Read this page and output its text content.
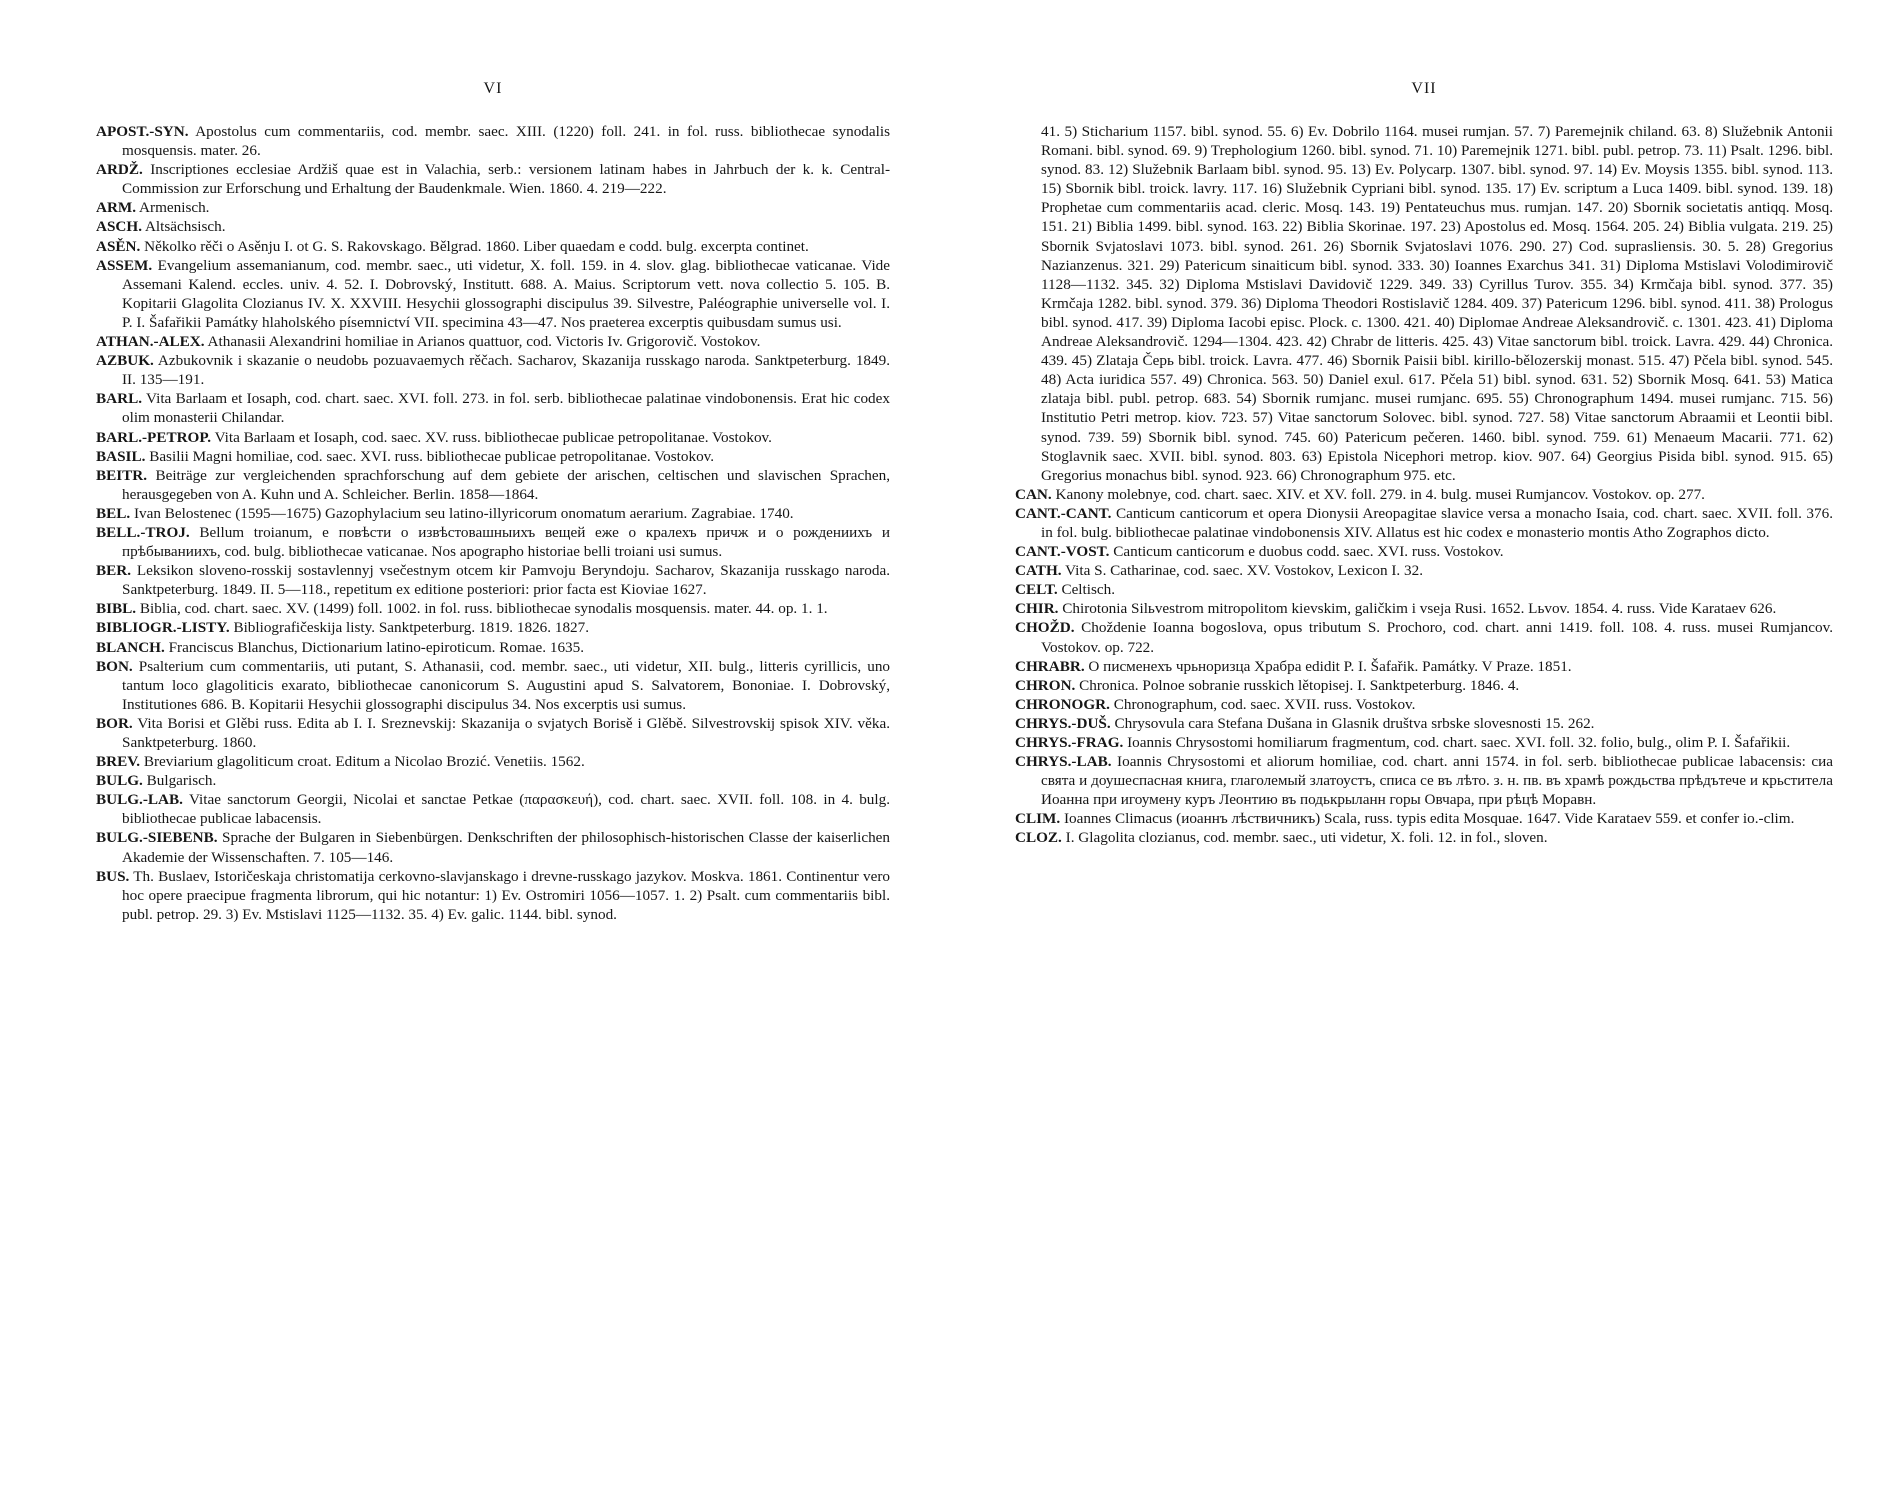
VI

APOST.-SYN. Apostolus cum commentariis, cod. membr. saec. XIII. (1220) foll. 241. in fol. russ. bibliothecae synodalis mosquensis. mater. 26.

ARDŽ. Inscriptiones ecclesiae Ardžiš quae est in Valachia, serb.: versionem latinam habes in Jahrbuch der k. k. Central-Commission zur Erforschung und Erhaltung der Baudenkmale. Wien. 1860. 4. 219—222.

ARM. Armenisch.

ASCH. Altsächsisch.

ASĚN. Několko rěči o Asěnju I. ot G. S. Rakovskago. Bělgrad. 1860. Liber quaedam e codd. bulg. excerpta continet.

ASSEM. Evangelium assemanianum, cod. membr. saec., uti videtur, X. foll. 159. in 4. slov. glag. bibliothecae vaticanae. Vide Assemani Kalend. eccles. univ. 4. 52. I. Dobrovský, Institutt. 688. A. Maius. Scriptorum vett. nova collectio 5. 105. B. Kopitarii Glagolita Clozianus IV. X. XXVIII. Hesychii glossographi discipulus 39. Silvestre, Paléographie universelle vol. I. P. I. Šafařikii Památky hlaholského písemnictví VII. specimina 43—47. Nos praeterea excerptis quibusdam sumus usi.

ATHAN.-ALEX. Athanasii Alexandrini homiliae in Arianos quattuor, cod. Victoris Iv. Grigorovič. Vostokov.

AZBUK. Azbukovnik i skazanie o neudobь pozuavaemych rěčach. Sacharov, Skazanija russkago naroda. Sanktpeterburg. 1849. II. 135—191.

BARL. Vita Barlaam et Iosaph, cod. chart. saec. XVI. foll. 273. in fol. serb. bibliothecae palatinae vindobonensis. Erat hic codex olim monasterii Chilandar.

BARL.-PETROP. Vita Barlaam et Iosaph, cod. saec. XV. russ. bibliothecae publicae petropolitanae. Vostokov.

BASIL. Basilii Magni homiliae, cod. saec. XVI. russ. bibliothecae publicae petropolitanae. Vostokov.

BEITR. Beiträge zur vergleichenden sprachforschung auf dem gebiete der arischen, celtischen und slavischen Sprachen, herausgegeben von A. Kuhn und A. Schleicher. Berlin. 1858—1864.

BEL. Ivan Belostenec (1595—1675) Gazophylacium seu latino-illyricorum onomatum aerarium. Zagrabiae. 1740.

BELL.-TROJ. Bellum troianum, e повѣсти о извѣстовашныихъ вещей еже о кралехъ причж и о рождениихъ и прѣбываниихъ, cod. bulg. bibliothecae vaticanae. Nos apographo historiae belli troiani usi sumus.

BER. Leksikon slovenо-rosskij sostavlennyj vsečestnym otcem kir Pamvoju Beryndoju. Sacharov, Skazanija russkago naroda. Sanktpeterburg. 1849. II. 5—118., repetitum ex editione posteriori: prior facta est Kioviae 1627.

BIBL. Biblia, cod. chart. saec. XV. (1499) foll. 1002. in fol. russ. bibliothecae synodalis mosquensis. mater. 44. op. 1. 1.

BIBLIOGR.-LISTY. Bibliografičeskija listy. Sanktpeterburg. 1819. 1826. 1827.

BLANCH. Franciscus Blanchus, Dictionarium latino-epiroticum. Romae. 1635.

BON. Psalterium cum commentariis, uti putant, S. Athanasii, cod. membr. saec., uti videtur, XII. bulg., litteris cyrillicis, uno tantum loco glagoliticis exarato, bibliothecae canonicorum S. Augustini apud S. Salvatorem, Bononiae. I. Dobrovský, Institutiones 686. B. Kopitarii Hesychii glossographi discipulus 34. Nos excerptis usi sumus.

BOR. Vita Borisi et Glěbi russ. Edita ab I. I. Sreznevskij: Skazanija o svjatych Borisě i Glěbě. Silvestrovskij spisok XIV. věka. Sanktpeterburg. 1860.

BREV. Breviarium glagoliticum croat. Editum a Nicolao Brozić. Venetiis. 1562.

BULG. Bulgarisch.

BULG.-LAB. Vitae sanctorum Georgii, Nicolai et sanctae Petkae (παρασκευή), cod. chart. saec. XVII. foll. 108. in 4. bulg. bibliothecae publicae labacensis.

BULG.-SIEBENB. Sprache der Bulgaren in Siebenbürgen. Denkschriften der philosophisch-historischen Classe der kaiserlichen Akademie der Wissenschaften. 7. 105—146.

BUS. Th. Buslaev, Istoričeskaja christomatija cerkovno-slavjanskago i drevne-russkago jazykov. Moskva. 1861. Continentur vero hoc opere praecipue fragmenta librorum, qui hic notantur: 1) Ev. Ostromiri 1056—1057. 1. 2) Psalt. cum commentariis bibl. publ. petrop. 29. 3) Ev. Mstislavi 1125—1132. 35. 4) Ev. galic. 1144. bibl. synod.

VII

41. 5) Sticharium 1157. bibl. synod. 55. 6) Ev. Dobrilo 1164. musei rumjan. 57. 7) Paremejnik chiland. 63. 8) Služebnik Antonii Romani. bibl. synod. 69. 9) Trephologium 1260. bibl. synod. 71. 10) Paremejnik 1271. bibl. publ. petrop. 73. 11) Psalt. 1296. bibl. synod. 83. 12) Služebnik Barlaam bibl. synod. 95. 13) Ev. Polycarp. 1307. bibl. synod. 97. 14) Ev. Moysis 1355. bibl. synod. 113. 15) Sbornik bibl. troick. lavry. 117. 16) Služebnik Cypriani bibl. synod. 135. 17) Ev. scriptum a Luca 1409. bibl. synod. 139. 18) Prophetae cum commentariis acad. cleric. Mosq. 143. 19) Pentateuchus mus. rumjan. 147. 20) Sbornik societatis antiqq. Mosq. 151. 21) Biblia 1499. bibl. synod. 163. 22) Biblia Skorinae. 197. 23) Apostolus ed. Mosq. 1564. 205. 24) Biblia vulgata. 219. 25) Sbornik Svjatoslavi 1073. bibl. synod. 261. 26) Sbornik Svjatoslavi 1076. 290. 27) Cod. suprasliensis. 30. 5. 28) Gregorius Nazianzenus. 321. 29) Patericum sinaiticum bibl. synod. 333. 30) Ioannes Exarchus 341. 31) Diploma Mstislavi Volodimirovič 1128—1132. 345. 32) Diploma Mstislavi Davidovič 1229. 349. 33) Cyrillus Turov. 355. 34) Krmčaja bibl. synod. 377. 35) Krmčaja 1282. bibl. synod. 379. 36) Diploma Theodori Rostislavič 1284. 409. 37) Patericum 1296. bibl. synod. 411. 38) Prologus bibl. synod. 417. 39) Diploma Iacobi episc. Plock. c. 1300. 421. 40) Diplomae Andreae Aleksandrovič. c. 1301. 423. 41) Diploma Andreae Aleksandrovič. 1294—1304. 423. 42) Chrabr de litteris. 425. 43) Vitae sanctorum bibl. troick. Lavra. 429. 44) Chronica. 439. 45) Zlataja Čepь bibl. troick. Lavra. 477. 46) Sbornik Paisii bibl. kirillo-bělozerskij monast. 515. 47) Pčela bibl. synod. 545. 48) Acta iuridica 557. 49) Chronica. 563. 50) Daniel exul. 617. Pčela 51) bibl. synod. 631. 52) Sbornik Mosq. 641. 53) Matica zlataja bibl. publ. petrop. 683. 54) Sbornik rumjanc. musei rumjanc. 695. 55) Chronographum 1494. musei rumjanc. 715. 56) Institutio Petri metrop. kiov. 723. 57) Vitae sanctorum Solovec. bibl. synod. 727. 58) Vitae sanctorum Abraamii et Leontii bibl. synod. 739. 59) Sbornik bibl. synod. 745. 60) Patericum pečeren. 1460. bibl. synod. 759. 61) Menaeum Macarii. 771. 62) Stoglavnik saec. XVII. bibl. synod. 803. 63) Epistola Nicephori metrop. kiov. 907. 64) Georgius Pisida bibl. synod. 915. 65) Gregorius monachus bibl. synod. 923. 66) Chronographum 975. etc.

CAN. Kanony molebnye, cod. chart. saec. XIV. et XV. foll. 279. in 4. bulg. musei Rumjancov. Vostokov. op. 277.

CANT.-CANT. Canticum canticorum et opera Dionysii Areopagitae slavice versa a monacho Isaia, cod. chart. saec. XVII. foll. 376. in fol. bulg. bibliothecae palatinae vindobonensis XIV. Allatus est hic codex e monasterio montis Atho Zographos dicto.

CANT.-VOST. Canticum canticorum e duobus codd. saec. XVI. russ. Vostokov.

CATH. Vita S. Catharinae, cod. saec. XV. Vostokov, Lexicon I. 32.

CELT. Celtisch.

CHIR. Chirotonia Silьvestrom mitropolitom kievskim, galičkim i vseja Rusi. 1652. Lьvov. 1854. 4. russ. Vide Karataev 626.

CHOŽD. Choždenie Ioanna bogoslova, opus tributum S. Prochoro, cod. chart. anni 1419. foll. 108. 4. russ. musei Rumjancov. Vostokov. op. 722.

CHRABR. О писменехъ чрьноризца Храбра edidit P. I. Šafařik. Památky. V Praze. 1851.

CHRON. Chronica. Polnoe sobranie russkich lětopisej. I. Sanktpeterburg. 1846. 4.

CHRONOGR. Chronographum, cod. saec. XVII. russ. Vostokov.

CHRYS.-DUŠ. Chrysovula cara Stefana Dušana in Glasnik društva srbske slovesnosti 15. 262.

CHRYS.-FRAG. Ioannis Chrysostomi homiliarum fragmentum, cod. chart. saec. XVI. foll. 32. folio, bulg., olim P. I. Šafařikii.

CHRYS.-LAB. Ioannis Chrysostomi et aliorum homiliae, cod. chart. anni 1574. in fol. serb. bibliothecae publicae labacensis: сиа свята и доушеспасная книга, глаголемый златоустъ, списа се въ лѣто. з. н. пв. въ храмѣ рождьства прѣдътече и крьститела Иоанна при игоумену куръ Леонтию въ подькрыланн горы Овчара, при рѣцѣ Моравн.

CLIM. Ioannes Climacus (иоаннъ лѣствичникъ) Scala, russ. typis edita Mosquae. 1647. Vide Karataev 559. et confer io.-clim.

CLOZ. I. Glagolita clozianus, cod. membr. saec., uti videtur, X. foli. 12. in fol., sloven.
